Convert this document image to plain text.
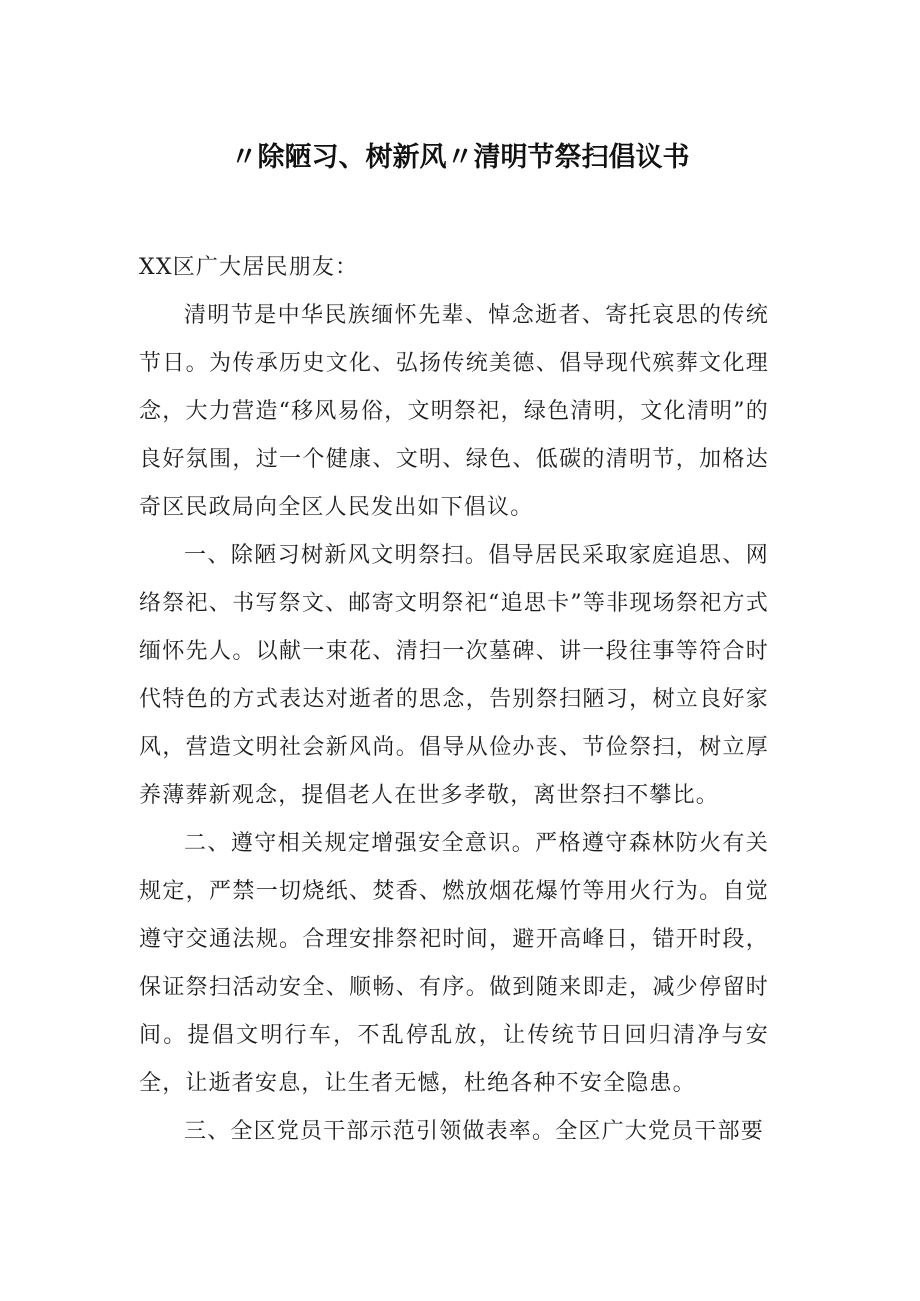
〃除陋习、树新风〃清明节祭扫倡议书

XX区广大居民朋友：

清明节是中华民族缅怀先辈、悼念逝者、寄托哀思的传统节日。为传承历史文化、弘扬传统美德、倡导现代殡葬文化理念，大力营造“移风易俗，文明祭祀，绿色清明，文化清明”的良好氛围，过一个健康、文明、绿色、低碳的清明节，加格达奇区民政局向全区人民发出如下倡议。

一、除陋习树新风文明祭扫。倡导居民采取家庭追思、网络祭祀、书写祭文、邮寄文明祭祀“追思卡”等非现场祭祀方式缅怀先人。以献一束花、清扫一次墓碑、讲一段往事等符合时代特色的方式表达对逝者的思念，告别祭扫陋习，树立良好家风，营造文明社会新风尚。倡导从俭办丧、节俭祭扫，树立厚养薄葬新观念，提倡老人在世多孝敬，离世祭扫不攀比。

二、遵守相关规定增强安全意识。严格遵守森林防火有关规定，严禁一切烧纸、焚香、燃放烟花爆竹等用火行为。自觉遵守交通法规。合理安排祭祀时间，避开高峰日，错开时段，保证祭扫活动安全、顺畅、有序。做到随来即走，减少停留时间。提倡文明行车，不乱停乱放，让传统节日回归清净与安全，让逝者安息，让生者无憾，杜绝各种不安全隐患。

三、全区党员干部示范引领做表率。全区广大党员干部要
